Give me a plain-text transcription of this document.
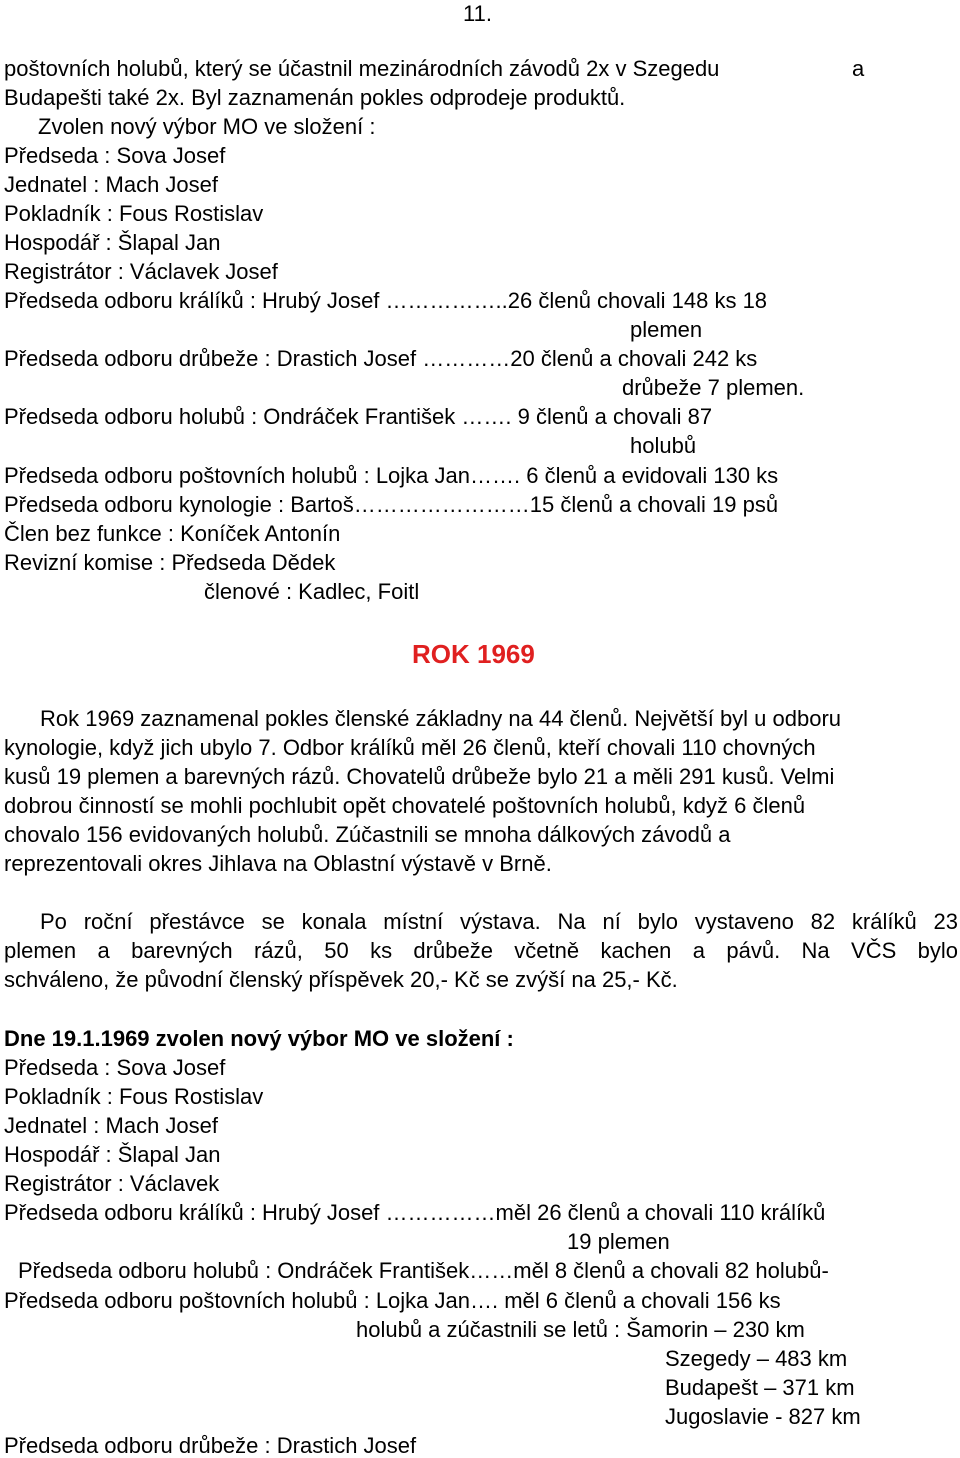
11.
poštovních holubů, který se účastnil mezinárodních závodů 2x v Szegedu	a
Budapešti také 2x. Byl zaznamenán pokles odprodeje produktů.
Zvolen nový výbor MO ve složení :
Předseda : Sova Josef
Jednatel : Mach Josef
Pokladník : Fous Rostislav
Hospodář : Šlapal Jan
Registrátor : Václavek Josef
Předseda odboru králíků : Hrubý Josef ……………..26 členů chovali 148 ks 18
plemen
Předseda odboru drůbeže : Drastich Josef …………20 členů a chovali 242 ks
drůbeže 7 plemen.
Předseda odboru holubů : Ondráček František ……. 9 členů a chovali 87
holubů
Předseda odboru poštovních holubů : Lojka Jan……. 6 členů a evidovali 130 ks
Předseda odboru kynologie : Bartoš……………………15 členů a chovali 19 psů
Člen bez funkce : Koníček Antonín
Revizní komise : Předseda Dědek
členové : Kadlec, Foitl
ROK 1969
Rok 1969 zaznamenal pokles členské základny na 44 členů. Největší byl u odboru
kynologie, když jich ubylo 7. Odbor králíků měl 26 členů, kteří chovali 110 chovných
kusů 19 plemen a barevných rázů. Chovatelů drůbeže bylo 21 a měli 291 kusů. Velmi
dobrou činností se mohli pochlubit opět chovatelé poštovních holubů, když 6 členů
chovalo 156 evidovaných holubů. Zúčastnili se mnoha dálkových závodů a
reprezentovali okres Jihlava na Oblastní výstavě v Brně.
Po roční přestávce se konala místní výstava. Na ní bylo vystaveno 82 králíků 23
plemen a barevných rázů, 50 ks drůbeže včetně kachen a pávů. Na VČS bylo
schváleno, že původní členský příspěvek 20,- Kč se zvýší na 25,- Kč.
Dne 19.1.1969 zvolen nový výbor MO ve složení :
Předseda : Sova Josef
Pokladník : Fous Rostislav
Jednatel : Mach Josef
Hospodář : Šlapal Jan
Registrátor : Václavek
Předseda odboru králíků : Hrubý Josef ……………měl 26 členů a chovali 110 králíků
19 plemen
Předseda odboru holubů : Ondráček František……měl 8 členů a chovali 82 holubů-
Předseda odboru poštovních holubů : Lojka Jan…. měl 6 členů a chovali 156 ks
holubů a zúčastnili se letů : Šamorin – 230 km
Szegedy – 483 km
Budapešt – 371 km
Jugoslavie - 827 km
Předseda odboru drůbeže : Drastich Josef
